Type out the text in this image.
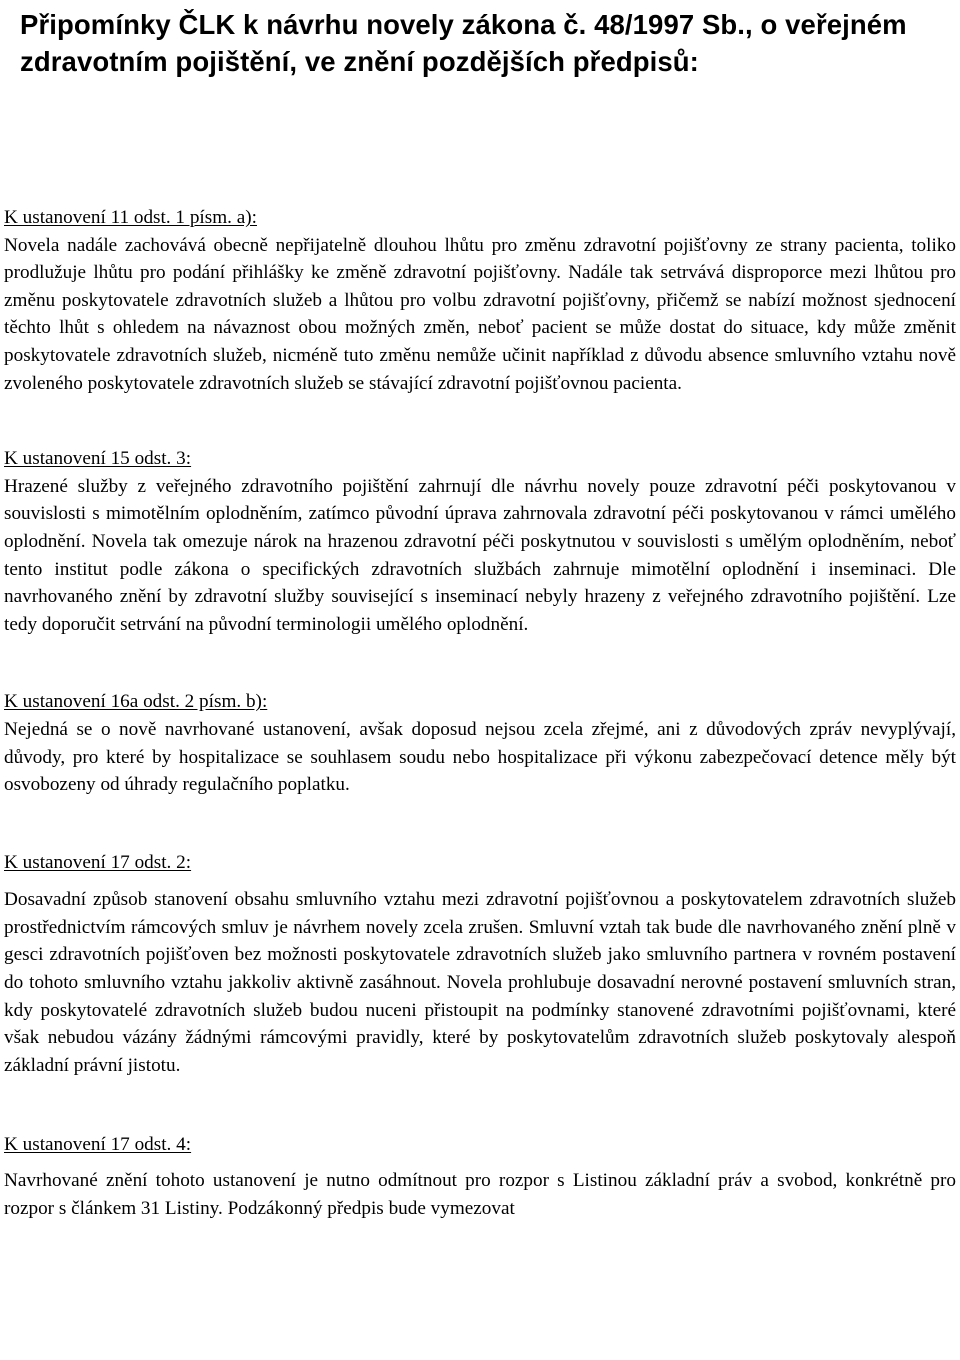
Připomínky ČLK k návrhu novely zákona č. 48/1997 Sb., o veřejném zdravotním pojištění, ve znění pozdějších předpisů:
K ustanovení 11 odst. 1 písm. a):

Novela nadále zachovává obecně nepřijatelně dlouhou lhůtu pro změnu zdravotní pojišťovny ze strany pacienta, toliko prodlužuje lhůtu pro podání přihlášky ke změně zdravotní pojišťovny. Nadále tak setrvává disproporce mezi lhůtou pro změnu poskytovatele zdravotních služeb a lhůtou pro volbu zdravotní pojišťovny, přičemž se nabízí možnost sjednocení těchto lhůt s ohledem na návaznost obou možných změn, neboť pacient se může dostat do situace, kdy může změnit poskytovatele zdravotních služeb, nicméně tuto změnu nemůže učinit například z důvodu absence smluvního vztahu nově zvoleného poskytovatele zdravotních služeb se stávající zdravotní pojišťovnou pacienta.

K ustanovení 15 odst. 3:

Hrazené služby z veřejného zdravotního pojištění zahrnují dle návrhu novely pouze zdravotní péči poskytovanou v souvislosti s mimotělním oplodněním, zatímco původní úprava zahrnovala zdravotní péči poskytovanou v rámci umělého oplodnění. Novela tak omezuje nárok na hrazenou zdravotní péči poskytnutou v souvislosti s umělým oplodněním, neboť tento institut podle zákona o specifických zdravotních službách zahrnuje mimotělní oplodnění i inseminaci. Dle navrhovaného znění by zdravotní služby související s inseminací nebyly hrazeny z veřejného zdravotního pojištění. Lze tedy doporučit setrvání na původní terminologii umělého oplodnění.

K ustanovení 16a odst. 2 písm. b):

Nejedná se o nově navrhované ustanovení, avšak doposud nejsou zcela zřejmé, ani z důvodových zpráv nevyplývají, důvody, pro které by hospitalizace se souhlasem soudu nebo hospitalizace při výkonu zabezpečovací detence měly být osvobozeny od úhrady regulačního poplatku.

K ustanovení 17 odst. 2:

Dosavadní způsob stanovení obsahu smluvního vztahu mezi zdravotní pojišťovnou a poskytovatelem zdravotních služeb prostřednictvím rámcových smluv je návrhem novely zcela zrušen. Smluvní vztah tak bude dle navrhovaného znění plně v gesci zdravotních pojišťoven bez možnosti poskytovatele zdravotních služeb jako smluvního partnera v rovném postavení do tohoto smluvního vztahu jakkoliv aktivně zasáhnout. Novela prohlubuje dosavadní nerovné postavení smluvních stran, kdy poskytovatelé zdravotních služeb budou nuceni přistoupit na podmínky stanovené zdravotními pojišťovnami, které však nebudou vázány žádnými rámcovými pravidly, které by poskytovatelům zdravotních služeb poskytovaly alespoň základní právní jistotu.

K ustanovení 17 odst. 4:

Navrhované znění tohoto ustanovení je nutno odmítnout pro rozpor s Listinou základní práv a svobod, konkrétně pro rozpor s článkem 31 Listiny. Podzákonný předpis bude vymezovat
